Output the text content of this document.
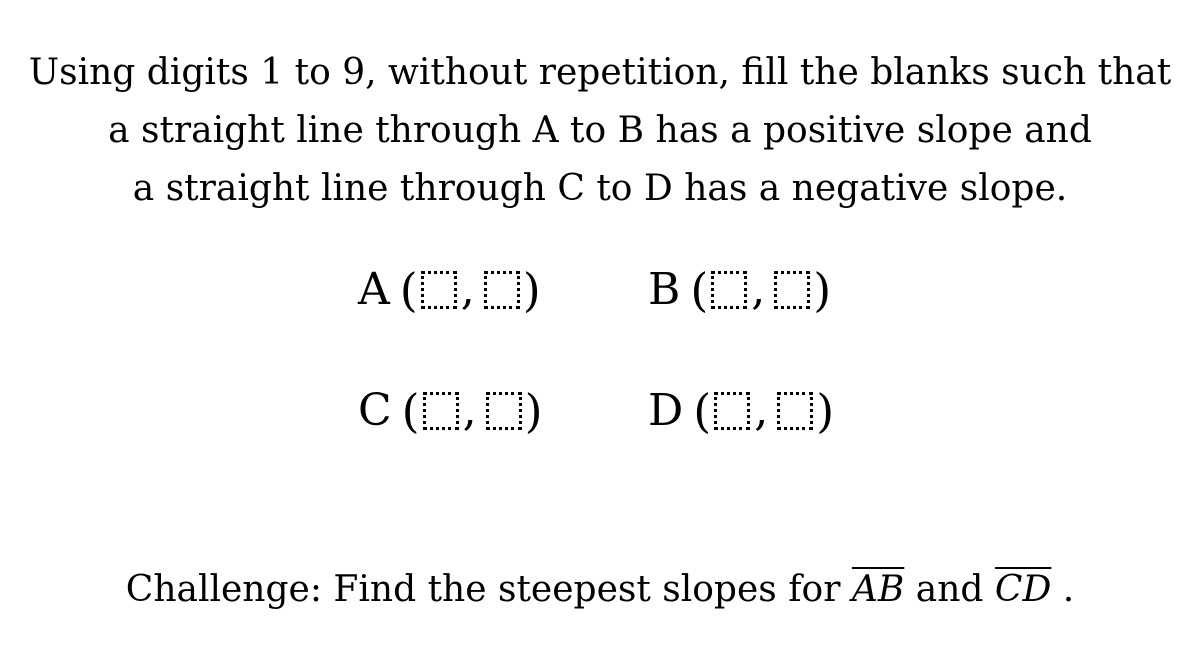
Using digits 1 to 9, without repetition, fill the blanks such that
a straight line through A to B has a positive slope and
a straight line through C to D has a negative slope.
A ( , ) B ( , )
C ( , ) D ( , )
Challenge: Find the steepest slopes for $\overline{AB}$ and $\overline{CD}$ .
